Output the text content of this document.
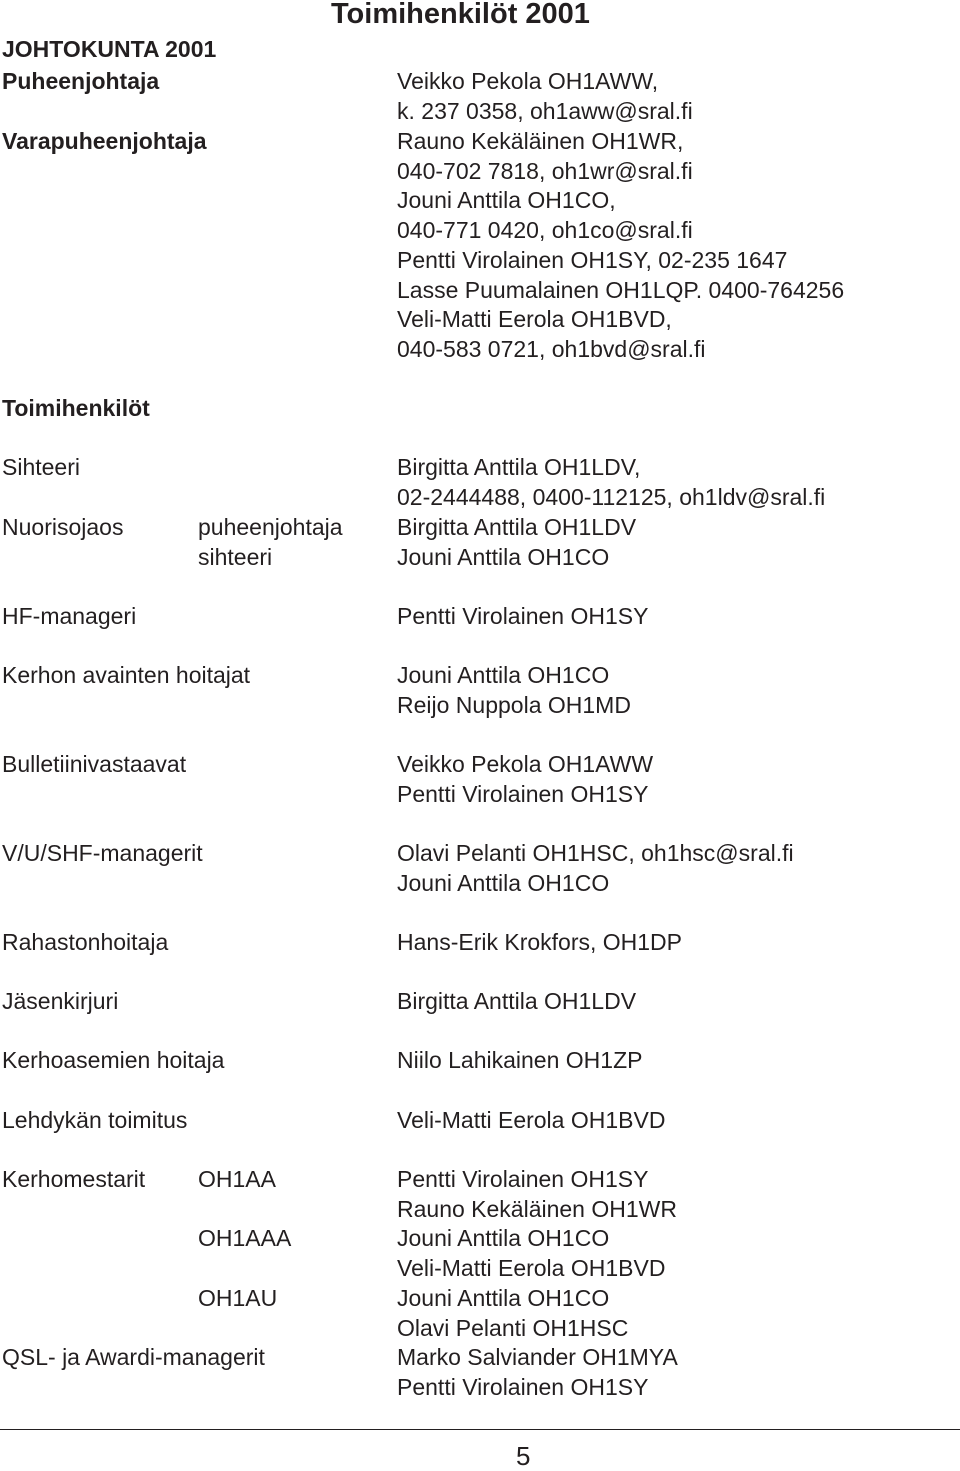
Toimihenkilöt 2001
JOHTOKUNTA 2001
Puheenjohtaja
Varapuheenjohtaja
Veikko Pekola OH1AWW,
k. 237 0358, oh1aww@sral.fi
Rauno Kekäläinen OH1WR,
040-702 7818, oh1wr@sral.fi
Jouni Anttila OH1CO,
040-771 0420, oh1co@sral.fi
Pentti Virolainen OH1SY, 02-235 1647
Lasse Puumalainen OH1LQP. 0400-764256
Veli-Matti Eerola OH1BVD,
040-583 0721, oh1bvd@sral.fi
Toimihenkilöt
Sihteeri
Nuorisojaos
HF-manageri
Kerhon avainten hoitajat
Bulletiinivastaavat
V/U/SHF-managerit
Rahastonhoitaja
Jäsenkirjuri
Kerhoasemien hoitaja
Lehdykän toimitus
Kerhomestarit
QSL- ja Awardi-managerit
puheenjohtaja
sihteeri
OH1AA
OH1AAA
OH1AU
Birgitta Anttila OH1LDV,
02-2444488, 0400-112125, oh1ldv@sral.fi
Birgitta Anttila OH1LDV
Jouni Anttila OH1CO
Pentti Virolainen OH1SY
Jouni Anttila OH1CO
Reijo Nuppola OH1MD
Veikko Pekola OH1AWW
Pentti Virolainen OH1SY
Olavi Pelanti OH1HSC, oh1hsc@sral.fi
Jouni Anttila OH1CO
Hans-Erik Krokfors, OH1DP
Birgitta Anttila OH1LDV
Niilo Lahikainen OH1ZP
Veli-Matti Eerola OH1BVD
Pentti Virolainen OH1SY
Rauno Kekäläinen OH1WR
Jouni Anttila OH1CO
Veli-Matti Eerola OH1BVD
Jouni Anttila OH1CO
Olavi Pelanti OH1HSC
Marko Salviander OH1MYA
Pentti Virolainen OH1SY
5
